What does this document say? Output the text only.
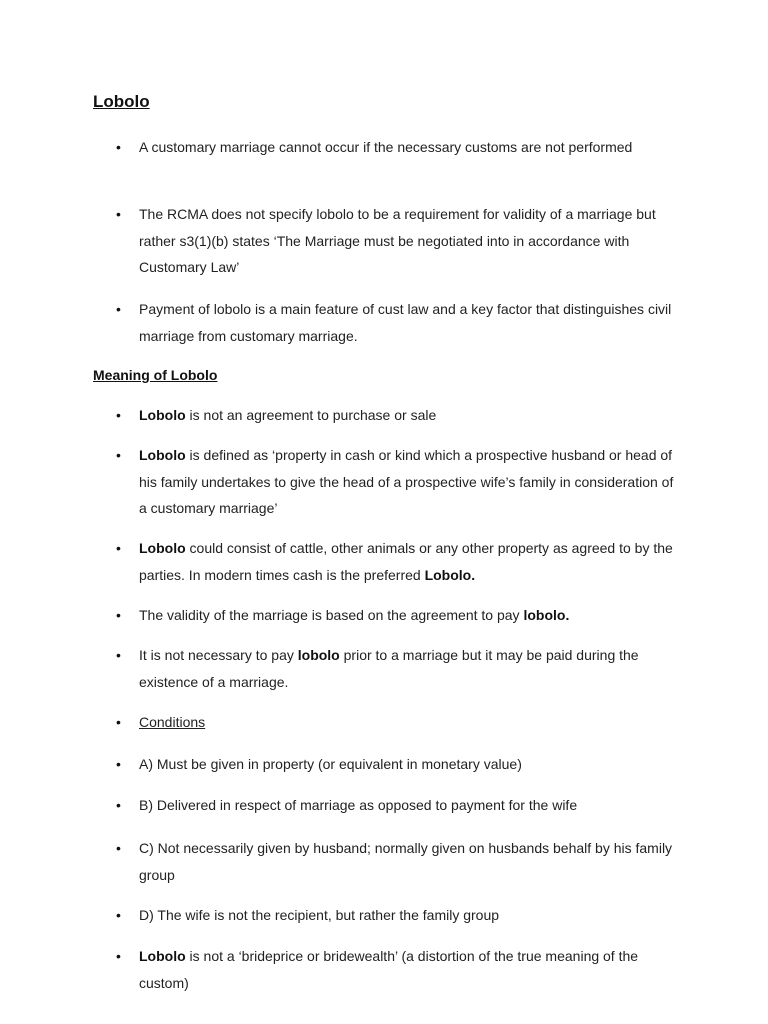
Lobolo
• A customary marriage cannot occur if the necessary customs are not performed
• The RCMA does not specify lobolo to be a requirement for validity of a marriage but rather s3(1)(b) states ‘The Marriage must be negotiated into in accordance with Customary Law’
• Payment of lobolo is a main feature of cust law and a key factor that distinguishes civil marriage from customary marriage.
Meaning of Lobolo
• Lobolo is not an agreement to purchase or sale
• Lobolo is defined as ‘property in cash or kind which a prospective husband or head of his family undertakes to give the head of a prospective wife’s family in consideration of a customary marriage’
• Lobolo could consist of cattle, other animals or any other property as agreed to by the parties. In modern times cash is the preferred Lobolo.
• The validity of the marriage is based on the agreement to pay lobolo.
• It is not necessary to pay lobolo prior to a marriage but it may be paid during the existence of a marriage.
• Conditions
• A) Must be given in property (or equivalent in monetary value)
• B) Delivered in respect of marriage as opposed to payment for the wife
• C) Not necessarily given by husband; normally given on husbands behalf by his family group
• D) The wife is not the recipient, but rather the family group
• Lobolo is not a ‘brideprice or bridewealth’ (a distortion of the true meaning of the custom)
